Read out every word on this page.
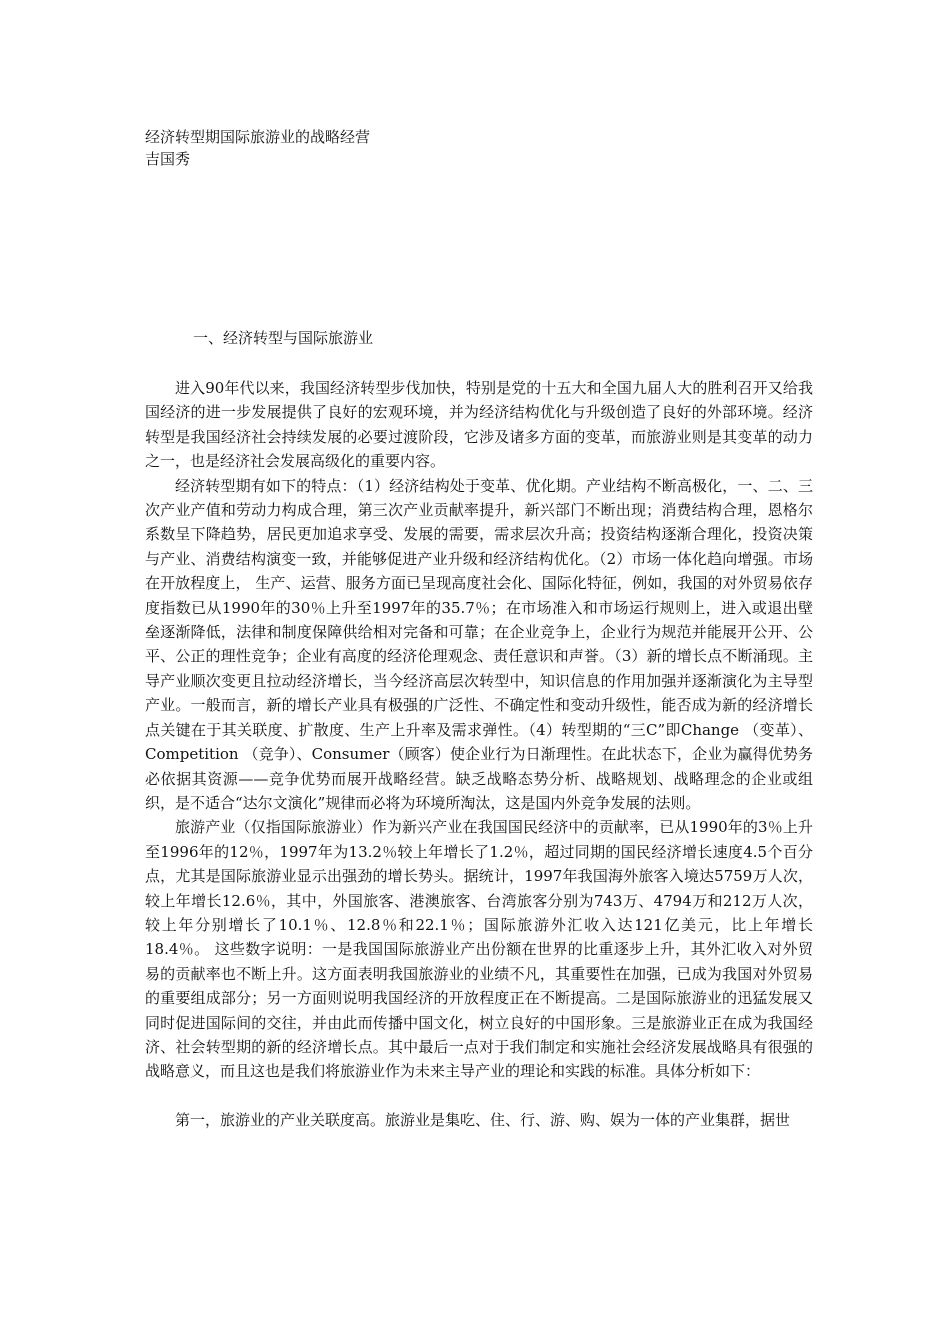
经济转型期国际旅游业的战略经营
吉国秀
一、经济转型与国际旅游业

进入90年代以来，我国经济转型步伐加快，特别是党的十五大和全国九届人大的胜利召开又给我国经济的进一步发展提供了良好的宏观环境，并为经济结构优化与升级创造了良好的外部环境。经济转型是我国经济社会持续发展的必要过渡阶段，它涉及诸多方面的变革，而旅游业则是其变革的动力之一，也是经济社会发展高级化的重要内容。

经济转型期有如下的特点：（1）经济结构处于变革、优化期。产业结构不断高极化，一、二、三次产业产值和劳动力构成合理，第三次产业贡献率提升，新兴部门不断出现；消费结构合理，恩格尔系数呈下降趋势，居民更加追求享受、发展的需要，需求层次升高；投资结构逐渐合理化，投资决策与产业、消费结构演变一致，并能够促进产业升级和经济结构优化。（2）市场一体化趋向增强。市场在开放程度上， 生产、运营、服务方面已呈现高度社会化、国际化特征，例如，我国的对外贸易依存度指数已从1990年的30％上升至1997年的35.7％；在市场准入和市场运行规则上，进入或退出壁垒逐渐降低，法律和制度保障供给相对完备和可靠；在企业竞争上，企业行为规范并能展开公开、公平、公正的理性竞争；企业有高度的经济伦理观念、责任意识和声誉。（3）新的增长点不断涌现。主导产业顺次变更且拉动经济增长，当今经济高层次转型中，知识信息的作用加强并逐渐演化为主导型产业。一般而言，新的增长产业具有极强的广泛性、不确定性和变动升级性，能否成为新的经济增长点关键在于其关联度、扩散度、生产上升率及需求弹性。（4）转型期的“三C”即Change （变革）、Competition （竞争）、Consumer（顾客）使企业行为日渐理性。在此状态下，企业为赢得优势务必依据其资源——竞争优势而展开战略经营。缺乏战略态势分析、战略规划、战略理念的企业或组织，是不适合“达尔文演化”规律而必将为环境所淘汰，这是国内外竞争发展的法则。

旅游产业（仅指国际旅游业）作为新兴产业在我国国民经济中的贡献率，已从1990年的3％上升至1996年的12％，1997年为13.2％较上年增长了1.2％，超过同期的国民经济增长速度4.5个百分点，尤其是国际旅游业显示出强劲的增长势头。据统计，1997年我国海外旅客入境达5759万人次，较上年增长12.6％，其中，外国旅客、港澳旅客、台湾旅客分别为743万、4794万和212万人次，较上年分别增长了10.1％、12.8％和22.1％；国际旅游外汇收入达121亿美元，比上年增长18.4％。 这些数字说明：一是我国国际旅游业产出份额在世界的比重逐步上升，其外汇收入对外贸易的贡献率也不断上升。这方面表明我国旅游业的业绩不凡，其重要性在加强，已成为我国对外贸易的重要组成部分；另一方面则说明我国经济的开放程度正在不断提高。二是国际旅游业的迅猛发展又同时促进国际间的交往，并由此而传播中国文化，树立良好的中国形象。三是旅游业正在成为我国经济、社会转型期的新的经济增长点。其中最后一点对于我们制定和实施社会经济发展战略具有很强的战略意义，而且这也是我们将旅游业作为未来主导产业的理论和实践的标准。具体分析如下：

第一，旅游业的产业关联度高。旅游业是集吃、住、行、游、购、娱为一体的产业集群，据世
